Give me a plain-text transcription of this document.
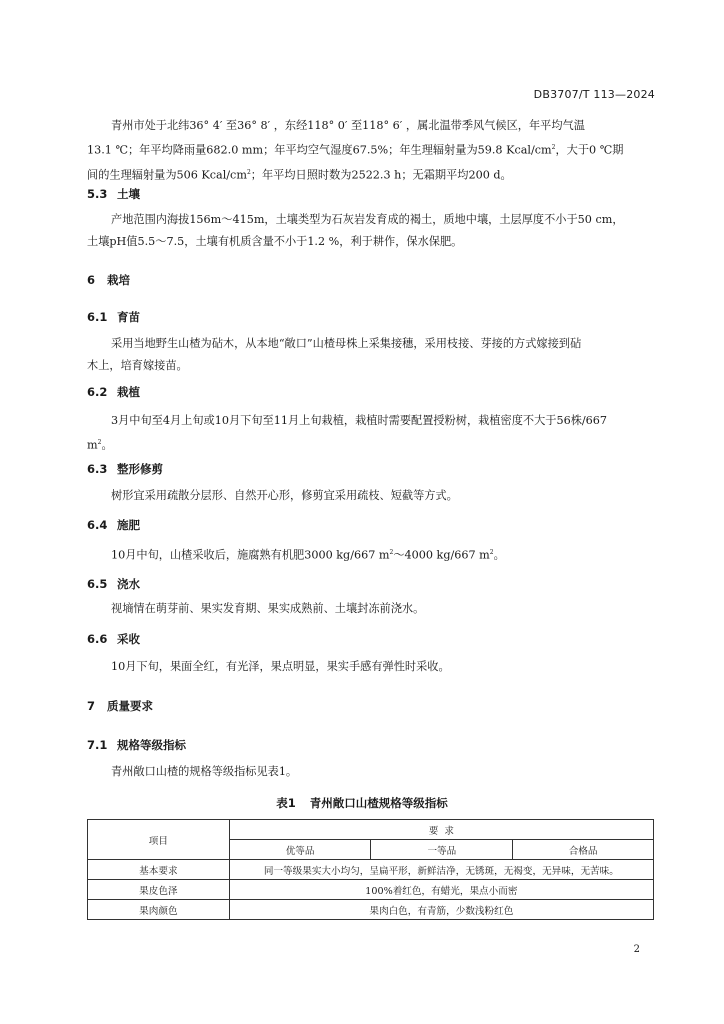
DB3707/T 113—2024
青州市处于北纬36° 4′ 至36° 8′ ，东经118° 0′ 至118° 6′ ，属北温带季风气候区，年平均气温
13.1 ℃；年平均降雨量682.0 mm；年平均空气湿度67.5%；年生理辐射量为59.8 Kcal/$cm^2$，大于0 ℃期
间的生理辐射量为506 Kcal/$cm^2$；年平均日照时数为2522.3 h；无霜期平均200 d。
5.3 土壤
产地范围内海拔156m～415m，土壤类型为石灰岩发育成的褐土，质地中壤，土层厚度不小于50 cm，
土壤pH值5.5～7.5，土壤有机质含量不小于1.2 %，利于耕作，保水保肥。
6 栽培
6.1 育苗
采用当地野生山楂为砧木，从本地“敞口”山楂母株上采集接穗，采用枝接、芽接的方式嫁接到砧
木上，培育嫁接苗。
6.2 栽植
3月中旬至4月上旬或10月下旬至11月上旬栽植，栽植时需要配置授粉树，栽植密度不大于56株/667
$m^2$。
6.3 整形修剪
树形宜采用疏散分层形、自然开心形，修剪宜采用疏枝、短截等方式。
6.4 施肥
10月中旬，山楂采收后，施腐熟有机肥3000 kg/667 $m^2\sim 4000$ kg/667 $m^2$。
6.5 浇水
视墒情在萌芽前、果实发育期、果实成熟前、土壤封冻前浇水。
6.6 采收
10月下旬，果面全红，有光泽，果点明显，果实手感有弹性时采收。
7 质量要求
7.1 规格等级指标
青州敞口山楂的规格等级指标见表1。
表1 青州敞口山楂规格等级指标
项目	要  求		
	优等品	一等品	合格品
基本要求	同一等级果实大小均匀，呈扁平形，新鲜洁净，无锈斑，无褐变，无异味，无苦味。		
果皮色泽	100%着红色，有蜡光，果点小而密		
果肉颜色	果肉白色，有青筋，少数浅粉红色		
2
